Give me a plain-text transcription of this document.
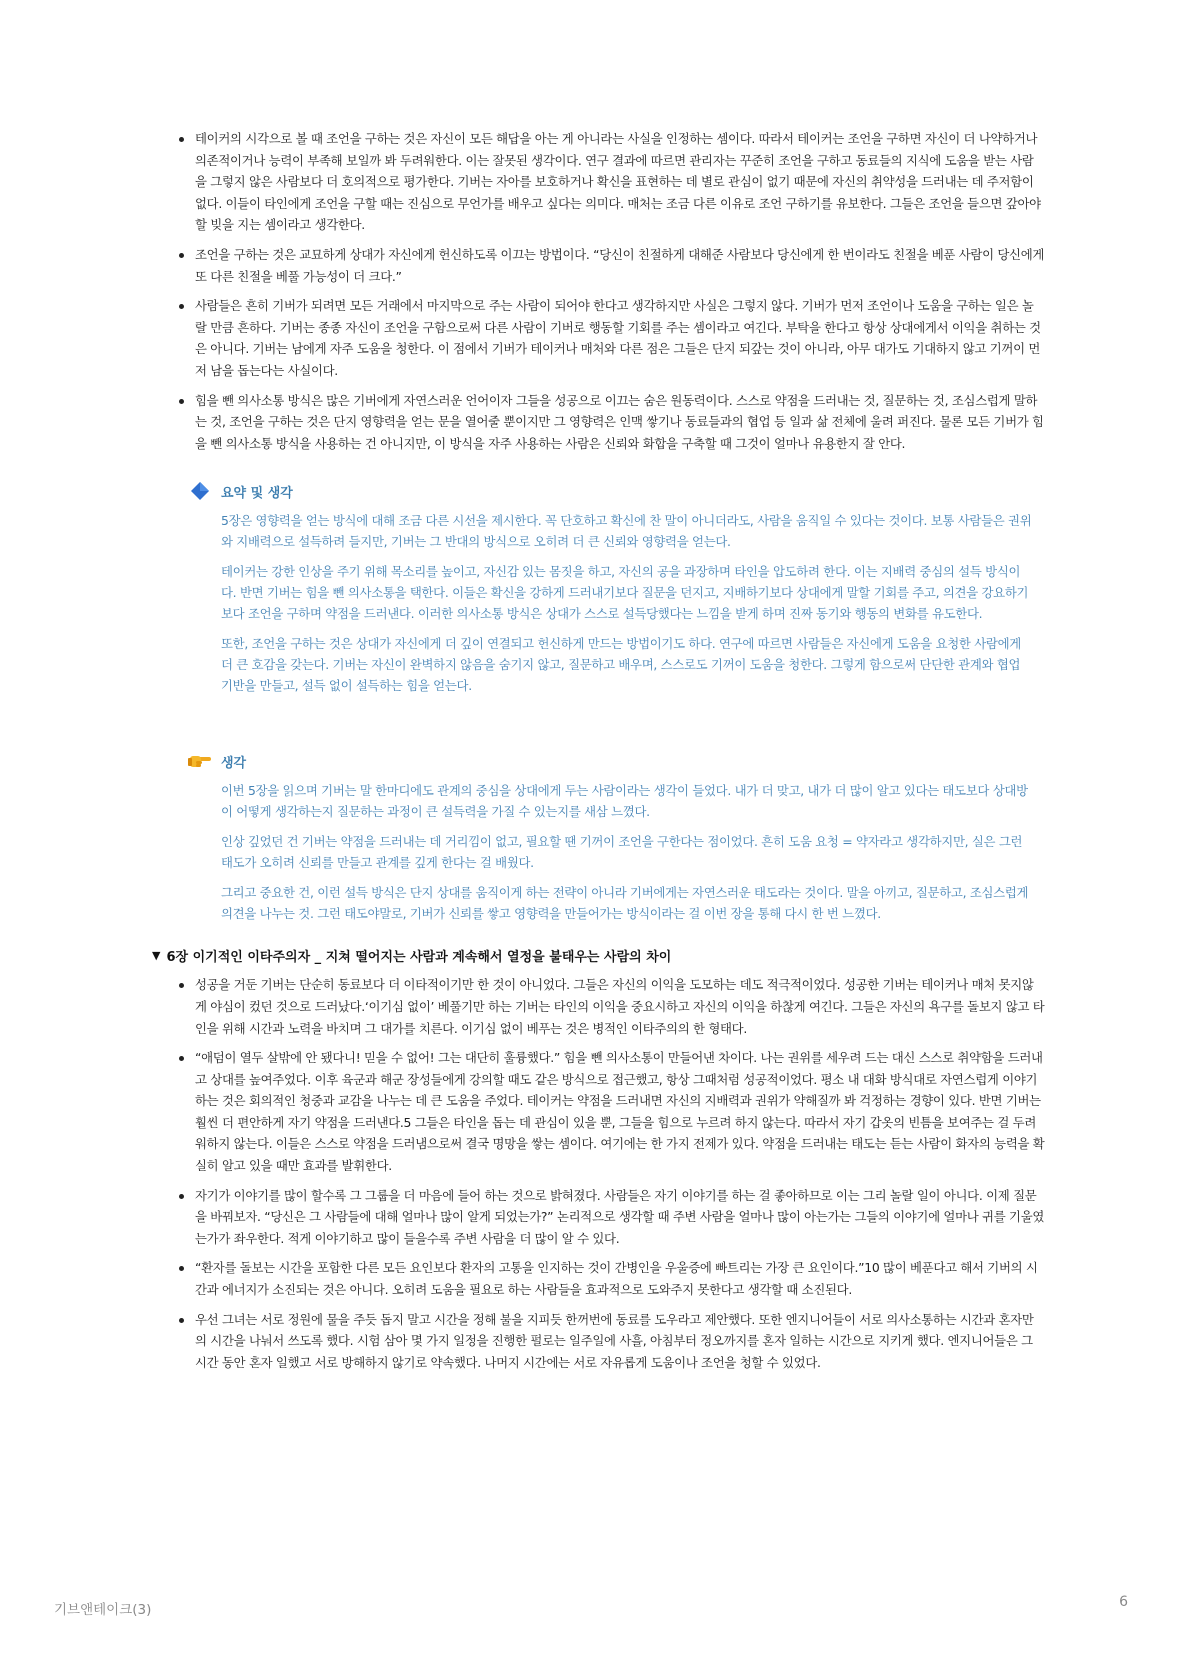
테이커의 시각으로 볼 때 조언을 구하는 것은 자신이 모든 해답을 아는 게 아니라는 사실을 인정하는 셈이다. 따라서 테이커는 조언을 구하면 자신이 더 나약하거나 의존적이거나 능력이 부족해 보일까 봐 두려워한다. 이는 잘못된 생각이다. 연구 결과에 따르면 관리자는 꾸준히 조언을 구하고 동료들의 지식에 도움을 받는 사람을 그렇지 않은 사람보다 더 호의적으로 평가한다. 기버는 자아를 보호하거나 확신을 표현하는 데 별로 관심이 없기 때문에 자신의 취약성을 드러내는 데 주저함이 없다. 이들이 타인에게 조언을 구할 때는 진심으로 무언가를 배우고 싶다는 의미다. 매처는 조금 다른 이유로 조언 구하기를 유보한다. 그들은 조언을 들으면 갚아야 할 빚을 지는 셈이라고 생각한다.
조언을 구하는 것은 교묘하게 상대가 자신에게 헌신하도록 이끄는 방법이다. “당신이 친절하게 대해준 사람보다 당신에게 한 번이라도 친절을 베푼 사람이 당신에게 또 다른 친절을 베풀 가능성이 더 크다.”
사람들은 흔히 기버가 되려면 모든 거래에서 마지막으로 주는 사람이 되어야 한다고 생각하지만 사실은 그렇지 않다. 기버가 먼저 조언이나 도움을 구하는 일은 놀랄 만큼 흔하다. 기버는 종종 자신이 조언을 구함으로써 다른 사람이 기버로 행동할 기회를 주는 셈이라고 여긴다. 부탁을 한다고 항상 상대에게서 이익을 취하는 것은 아니다. 기버는 남에게 자주 도움을 청한다. 이 점에서 기버가 테이커나 매처와 다른 점은 그들은 단지 되갚는 것이 아니라, 아무 대가도 기대하지 않고 기꺼이 먼저 남을 돕는다는 사실이다.
힘을 뺀 의사소통 방식은 많은 기버에게 자연스러운 언어이자 그들을 성공으로 이끄는 숨은 원동력이다. 스스로 약점을 드러내는 것, 질문하는 것, 조심스럽게 말하는 것, 조언을 구하는 것은 단지 영향력을 얻는 문을 열어줄 뿐이지만 그 영향력은 인맥 쌓기나 동료들과의 협업 등 일과 삶 전체에 울려 퍼진다. 물론 모든 기버가 힘을 뺀 의사소통 방식을 사용하는 건 아니지만, 이 방식을 자주 사용하는 사람은 신뢰와 화합을 구축할 때 그것이 얼마나 유용한지 잘 안다.
요약 및 생각

5장은 영향력을 얻는 방식에 대해 조금 다른 시선을 제시한다. 꼭 단호하고 확신에 찬 말이 아니더라도, 사람을 움직일 수 있다는 것이다. 보통 사람들은 권위와 지배력으로 설득하려 들지만, 기버는 그 반대의 방식으로 오히려 더 큰 신뢰와 영향력을 얻는다.

테이커는 강한 인상을 주기 위해 목소리를 높이고, 자신감 있는 몸짓을 하고, 자신의 공을 과장하며 타인을 압도하려 한다. 이는 지배력 중심의 설득 방식이다. 반면 기버는 힘을 뺀 의사소통을 택한다. 이들은 확신을 강하게 드러내기보다 질문을 던지고, 지배하기보다 상대에게 말할 기회를 주고, 의견을 강요하기보다 조언을 구하며 약점을 드러낸다. 이러한 의사소통 방식은 상대가 스스로 설득당했다는 느낌을 받게 하며 진짜 동기와 행동의 변화를 유도한다.

또한, 조언을 구하는 것은 상대가 자신에게 더 깊이 연결되고 헌신하게 만드는 방법이기도 하다. 연구에 따르면 사람들은 자신에게 도움을 요청한 사람에게 더 큰 호감을 갖는다. 기버는 자신이 완벽하지 않음을 숨기지 않고, 질문하고 배우며, 스스로도 기꺼이 도움을 청한다. 그렇게 함으로써 단단한 관계와 협업 기반을 만들고, 설득 없이 설득하는 힘을 얻는다.

생각

이번 5장을 읽으며 기버는 말 한마디에도 관계의 중심을 상대에게 두는 사람이라는 생각이 들었다. 내가 더 맞고, 내가 더 많이 알고 있다는 태도보다 상대방이 어떻게 생각하는지 질문하는 과정이 큰 설득력을 가질 수 있는지를 새삼 느꼈다.

인상 깊었던 건 기버는 약점을 드러내는 데 거리낌이 없고, 필요할 땐 기꺼이 조언을 구한다는 점이었다. 흔히 도움 요청 = 약자라고 생각하지만, 실은 그런 태도가 오히려 신뢰를 만들고 관계를 깊게 한다는 걸 배웠다.

그리고 중요한 건, 이런 설득 방식은 단지 상대를 움직이게 하는 전략이 아니라 기버에게는 자연스러운 태도라는 것이다. 말을 아끼고, 질문하고, 조심스럽게 의견을 나누는 것. 그런 태도야말로, 기버가 신뢰를 쌓고 영향력을 만들어가는 방식이라는 걸 이번 장을 통해 다시 한 번 느꼈다.

▼ 6장 이기적인 이타주의자 _ 지쳐 떨어지는 사람과 계속해서 열정을 불태우는 사람의 차이
성공을 거둔 기버는 단순히 동료보다 더 이타적이기만 한 것이 아니었다. 그들은 자신의 이익을 도모하는 데도 적극적이었다. 성공한 기버는 테이커나 매처 못지않게 야심이 컸던 것으로 드러났다.‘이기심 없이’ 베풀기만 하는 기버는 타인의 이익을 중요시하고 자신의 이익을 하찮게 여긴다. 그들은 자신의 욕구를 돌보지 않고 타인을 위해 시간과 노력을 바치며 그 대가를 치른다. 이기심 없이 베푸는 것은 병적인 이타주의의 한 형태다.
“애덤이 열두 살밖에 안 됐다니! 믿을 수 없어! 그는 대단히 훌륭했다.” 힘을 뺀 의사소통이 만들어낸 차이다. 나는 권위를 세우려 드는 대신 스스로 취약함을 드러내고 상대를 높여주었다. 이후 육군과 해군 장성들에게 강의할 때도 같은 방식으로 접근했고, 항상 그때처럼 성공적이었다. 평소 내 대화 방식대로 자연스럽게 이야기하는 것은 회의적인 청중과 교감을 나누는 데 큰 도움을 주었다. 테이커는 약점을 드러내면 자신의 지배력과 권위가 약해질까 봐 걱정하는 경향이 있다. 반면 기버는 훨씬 더 편안하게 자기 약점을 드러낸다.5 그들은 타인을 돕는 데 관심이 있을 뿐, 그들을 힘으로 누르려 하지 않는다. 따라서 자기 갑옷의 빈틈을 보여주는 걸 두려워하지 않는다. 이들은 스스로 약점을 드러냄으로써 결국 명망을 쌓는 셈이다. 여기에는 한 가지 전제가 있다. 약점을 드러내는 태도는 듣는 사람이 화자의 능력을 확실히 알고 있을 때만 효과를 발휘한다.
자기가 이야기를 많이 할수록 그 그룹을 더 마음에 들어 하는 것으로 밝혀졌다. 사람들은 자기 이야기를 하는 걸 좋아하므로 이는 그리 놀랄 일이 아니다. 이제 질문을 바꿔보자. “당신은 그 사람들에 대해 얼마나 많이 알게 되었는가?” 논리적으로 생각할 때 주변 사람을 얼마나 많이 아는가는 그들의 이야기에 얼마나 귀를 기울였는가가 좌우한다. 적게 이야기하고 많이 들을수록 주변 사람을 더 많이 알 수 있다.
“환자를 돌보는 시간을 포함한 다른 모든 요인보다 환자의 고통을 인지하는 것이 간병인을 우울증에 빠트리는 가장 큰 요인이다.”10 많이 베푼다고 해서 기버의 시간과 에너지가 소진되는 것은 아니다. 오히려 도움을 필요로 하는 사람들을 효과적으로 도와주지 못한다고 생각할 때 소진된다.
우선 그녀는 서로 정원에 물을 주듯 돕지 말고 시간을 정해 불을 지피듯 한꺼번에 동료를 도우라고 제안했다. 또한 엔지니어들이 서로 의사소통하는 시간과 혼자만의 시간을 나눠서 쓰도록 했다. 시험 삼아 몇 가지 일정을 진행한 펄로는 일주일에 사흘, 아침부터 정오까지를 혼자 일하는 시간으로 지키게 했다. 엔지니어들은 그 시간 동안 혼자 일했고 서로 방해하지 않기로 약속했다. 나머지 시간에는 서로 자유롭게 도움이나 조언을 청할 수 있었다.
기브앤테이크(3)	6
